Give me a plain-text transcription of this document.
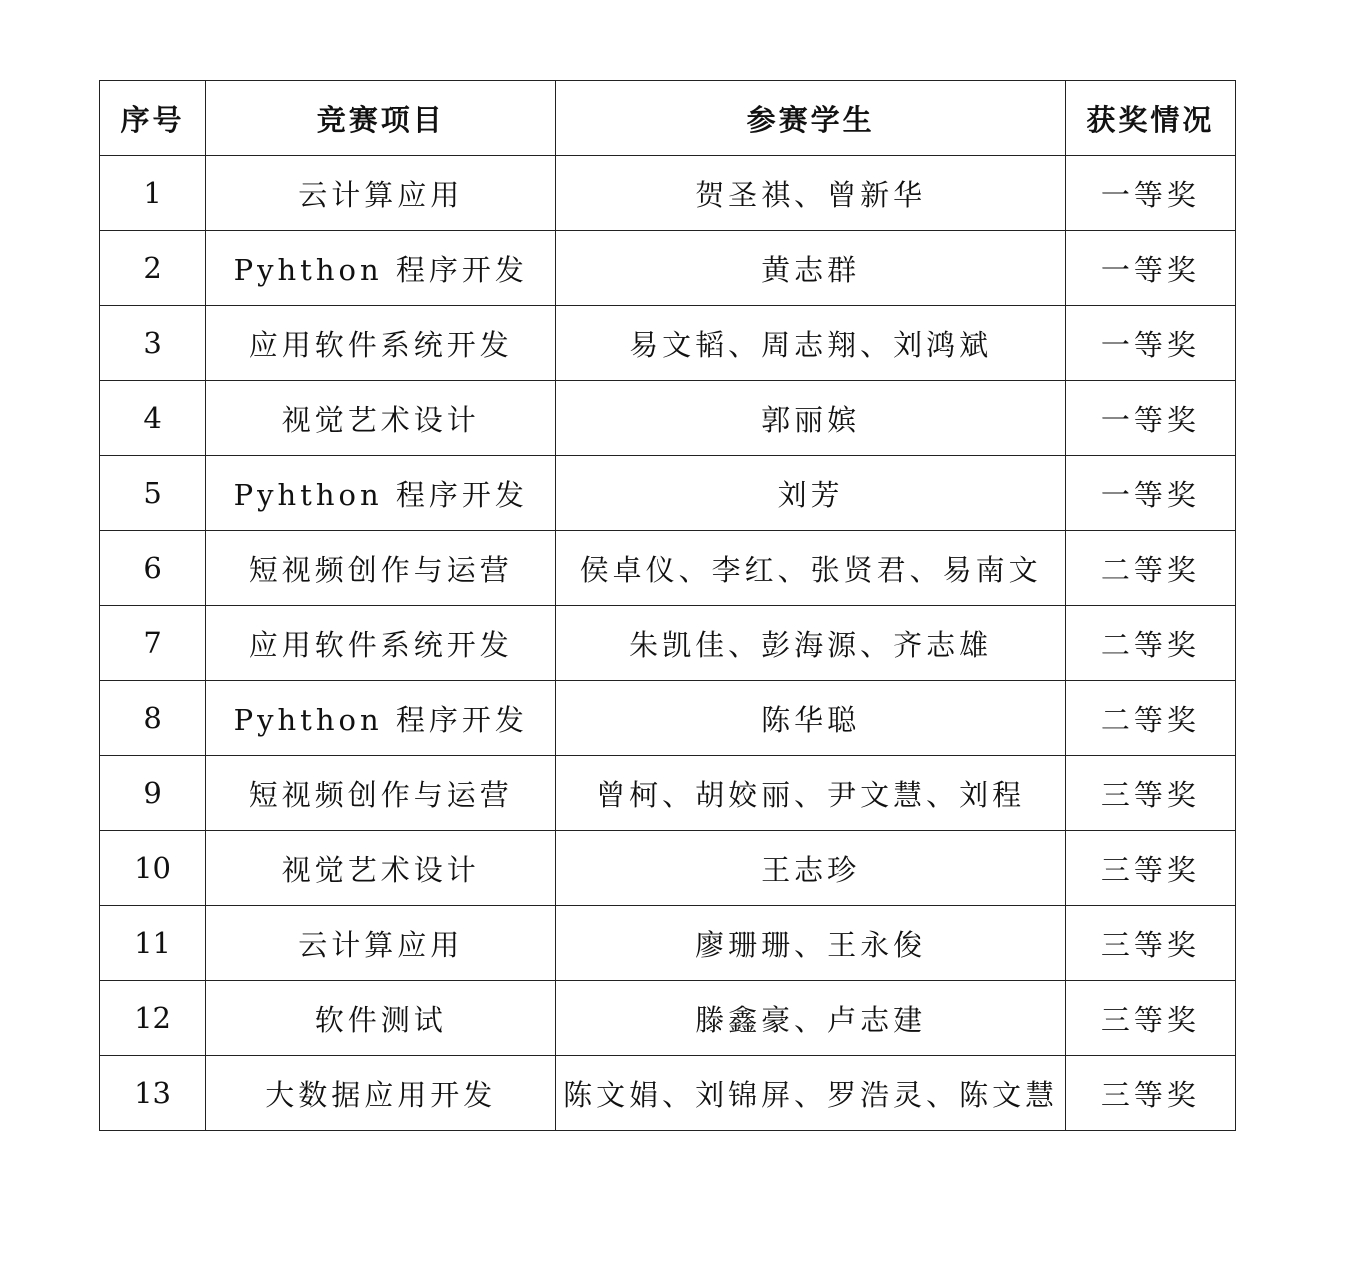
序号	竞赛项目	参赛学生	获奖情况
1	云计算应用	贺圣祺、曾新华	一等奖
2	Pyhthon 程序开发	黄志群	一等奖
3	应用软件系统开发	易文韬、周志翔、刘鸿斌	一等奖
4	视觉艺术设计	郭丽嫔	一等奖
5	Pyhthon 程序开发	刘芳	一等奖
6	短视频创作与运营	侯卓仪、李红、张贤君、易南文	二等奖
7	应用软件系统开发	朱凯佳、彭海源、齐志雄	二等奖
8	Pyhthon 程序开发	陈华聪	二等奖
9	短视频创作与运营	曾柯、胡姣丽、尹文慧、刘程	三等奖
10	视觉艺术设计	王志珍	三等奖
11	云计算应用	廖珊珊、王永俊	三等奖
12	软件测试	滕鑫豪、卢志建	三等奖
13	大数据应用开发	陈文娟、刘锦屏、罗浩灵、陈文慧	三等奖
